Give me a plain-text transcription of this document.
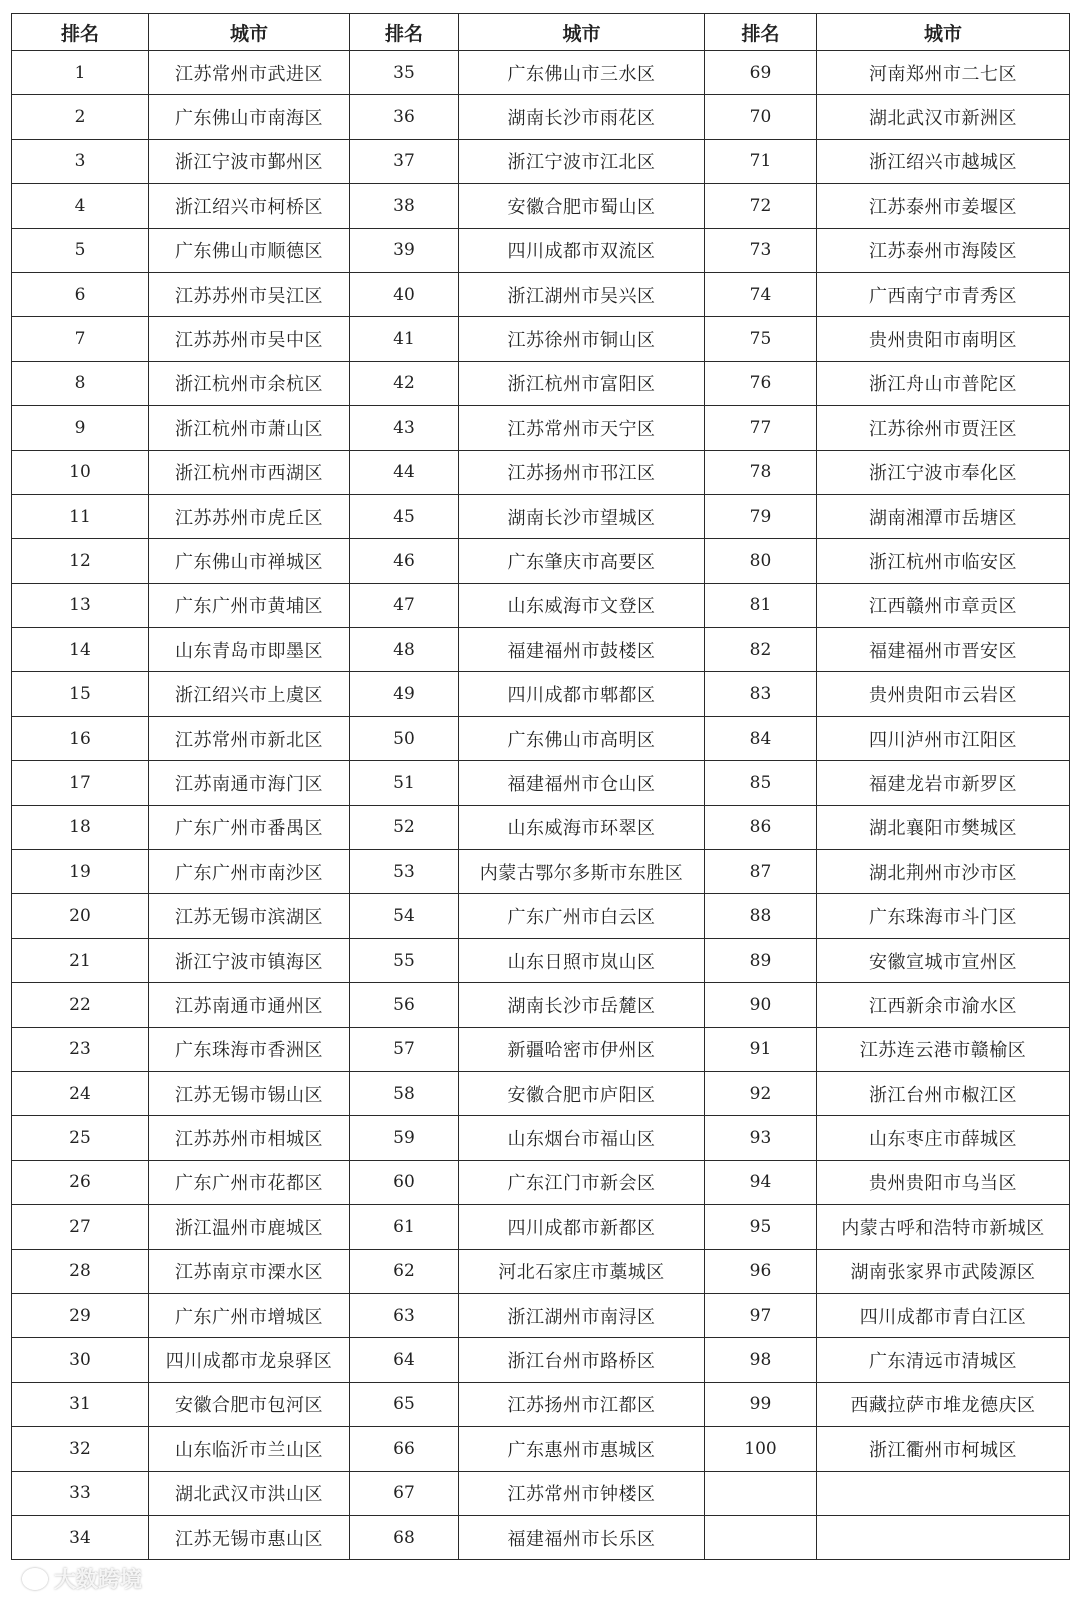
排名	城市	排名	城市	排名	城市
1	江苏常州市武进区	35	广东佛山市三水区	69	河南郑州市二七区
2	广东佛山市南海区	36	湖南长沙市雨花区	70	湖北武汉市新洲区
3	浙江宁波市鄞州区	37	浙江宁波市江北区	71	浙江绍兴市越城区
4	浙江绍兴市柯桥区	38	安徽合肥市蜀山区	72	江苏泰州市姜堰区
5	广东佛山市顺德区	39	四川成都市双流区	73	江苏泰州市海陵区
6	江苏苏州市吴江区	40	浙江湖州市吴兴区	74	广西南宁市青秀区
7	江苏苏州市吴中区	41	江苏徐州市铜山区	75	贵州贵阳市南明区
8	浙江杭州市余杭区	42	浙江杭州市富阳区	76	浙江舟山市普陀区
9	浙江杭州市萧山区	43	江苏常州市天宁区	77	江苏徐州市贾汪区
10	浙江杭州市西湖区	44	江苏扬州市邗江区	78	浙江宁波市奉化区
11	江苏苏州市虎丘区	45	湖南长沙市望城区	79	湖南湘潭市岳塘区
12	广东佛山市禅城区	46	广东肇庆市高要区	80	浙江杭州市临安区
13	广东广州市黄埔区	47	山东威海市文登区	81	江西赣州市章贡区
14	山东青岛市即墨区	48	福建福州市鼓楼区	82	福建福州市晋安区
15	浙江绍兴市上虞区	49	四川成都市郫都区	83	贵州贵阳市云岩区
16	江苏常州市新北区	50	广东佛山市高明区	84	四川泸州市江阳区
17	江苏南通市海门区	51	福建福州市仓山区	85	福建龙岩市新罗区
18	广东广州市番禺区	52	山东威海市环翠区	86	湖北襄阳市樊城区
19	广东广州市南沙区	53	内蒙古鄂尔多斯市东胜区	87	湖北荆州市沙市区
20	江苏无锡市滨湖区	54	广东广州市白云区	88	广东珠海市斗门区
21	浙江宁波市镇海区	55	山东日照市岚山区	89	安徽宣城市宣州区
22	江苏南通市通州区	56	湖南长沙市岳麓区	90	江西新余市渝水区
23	广东珠海市香洲区	57	新疆哈密市伊州区	91	江苏连云港市赣榆区
24	江苏无锡市锡山区	58	安徽合肥市庐阳区	92	浙江台州市椒江区
25	江苏苏州市相城区	59	山东烟台市福山区	93	山东枣庄市薛城区
26	广东广州市花都区	60	广东江门市新会区	94	贵州贵阳市乌当区
27	浙江温州市鹿城区	61	四川成都市新都区	95	内蒙古呼和浩特市新城区
28	江苏南京市溧水区	62	河北石家庄市藁城区	96	湖南张家界市武陵源区
29	广东广州市增城区	63	浙江湖州市南浔区	97	四川成都市青白江区
30	四川成都市龙泉驿区	64	浙江台州市路桥区	98	广东清远市清城区
31	安徽合肥市包河区	65	江苏扬州市江都区	99	西藏拉萨市堆龙德庆区
32	山东临沂市兰山区	66	广东惠州市惠城区	100	浙江衢州市柯城区
33	湖北武汉市洪山区	67	江苏常州市钟楼区		
34	江苏无锡市惠山区	68	福建福州市长乐区		
大数跨境
